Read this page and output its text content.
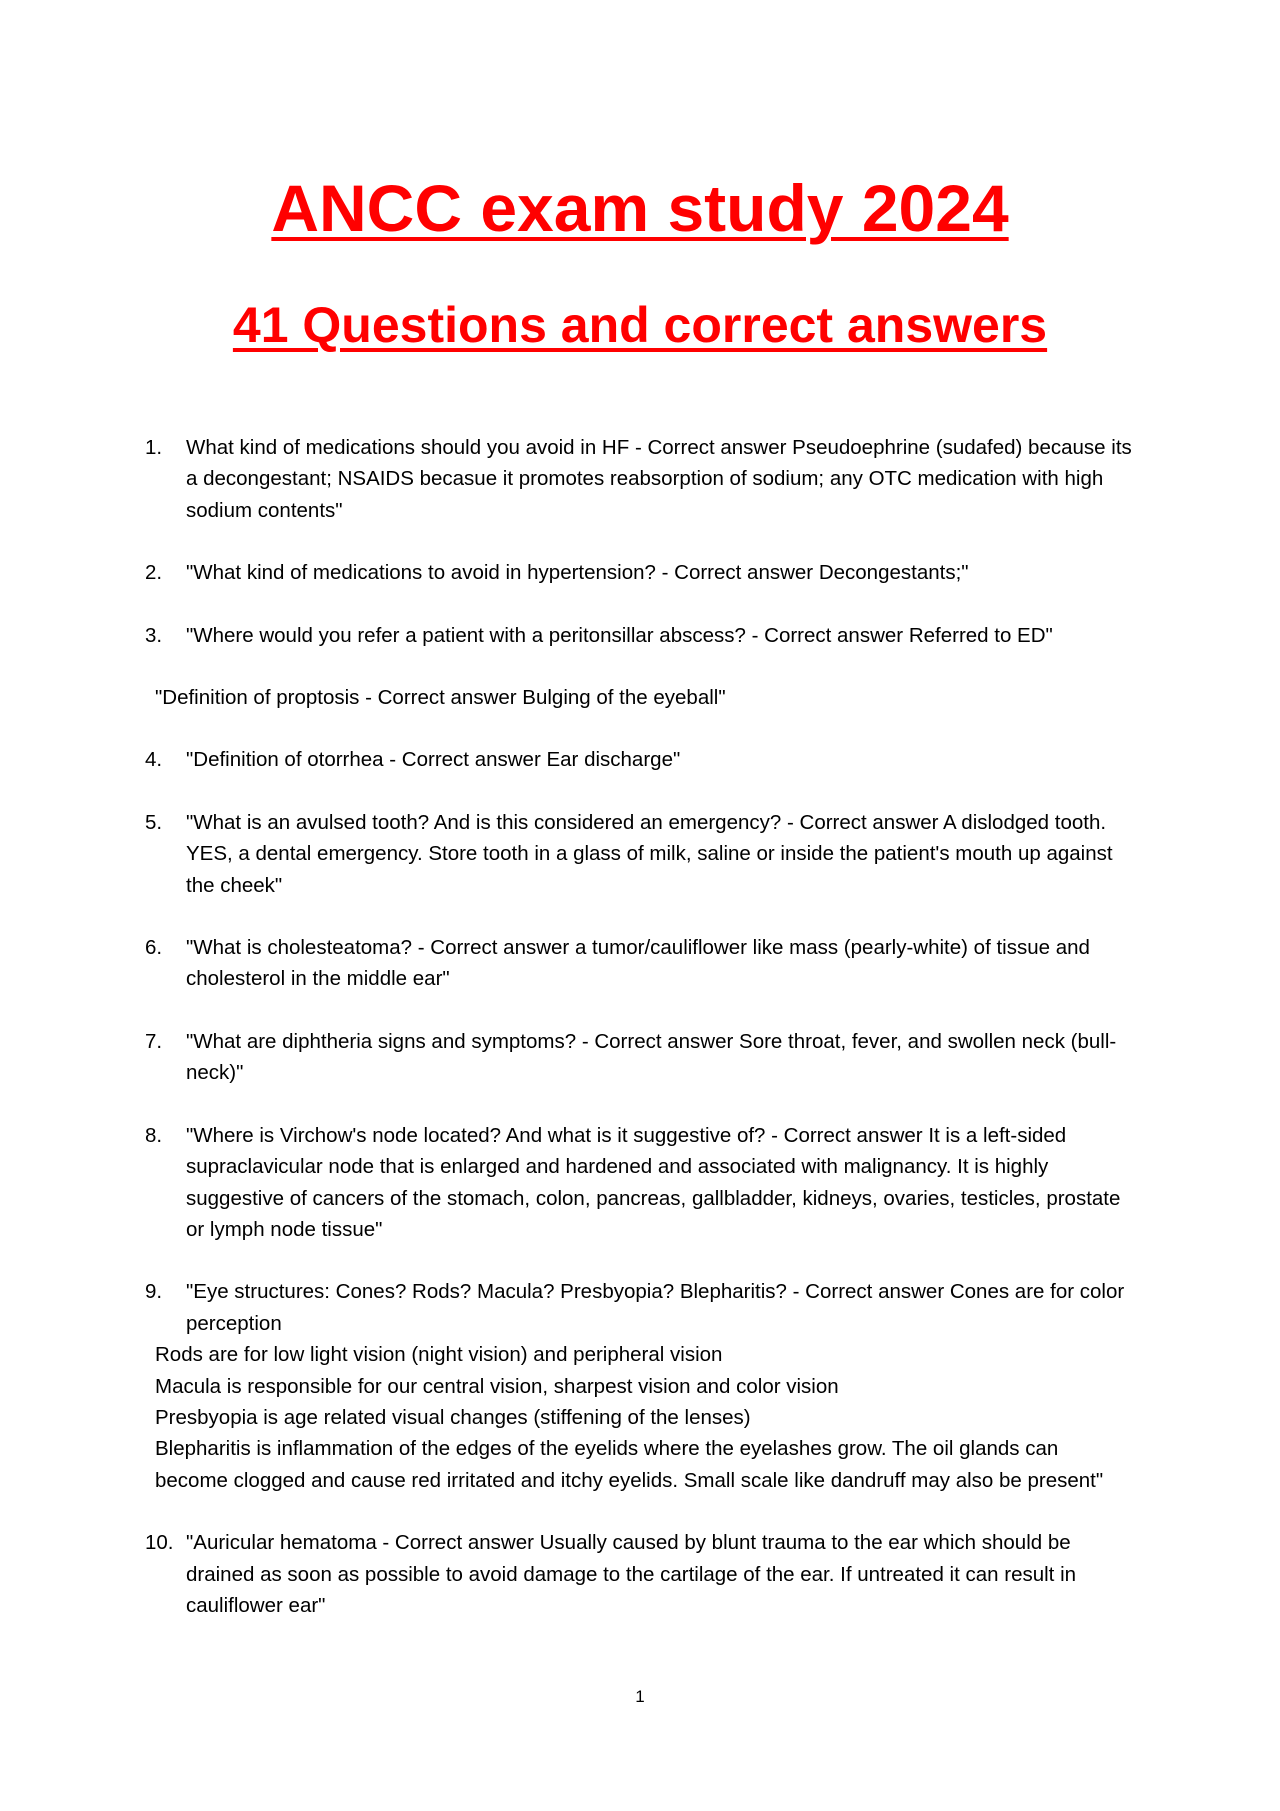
ANCC exam study 2024
41 Questions and correct answers
1.	What kind of medications should you avoid in HF - Correct answer Pseudoephrine (sudafed) because its a decongestant; NSAIDS becasue it promotes reabsorption of sodium; any OTC medication with high sodium contents"
2.	"What kind of medications to avoid in hypertension? - Correct answer Decongestants;"
3.	"Where would you refer a patient with a peritonsillar abscess? - Correct answer Referred to ED"
"Definition of proptosis - Correct answer Bulging of the eyeball"
4.	"Definition of otorrhea - Correct answer Ear discharge"
5.	"What is an avulsed tooth? And is this considered an emergency? - Correct answer A dislodged tooth. YES, a dental emergency. Store tooth in a glass of milk, saline or inside the patient's mouth up against the cheek"
6.	"What is cholesteatoma? - Correct answer a tumor/cauliflower like mass (pearly-white) of tissue and cholesterol in the middle ear"
7.	"What are diphtheria signs and symptoms? - Correct answer Sore throat, fever, and swollen neck (bull-neck)"
8.	"Where is Virchow's node located? And what is it suggestive of? - Correct answer It is a left-sided supraclavicular node that is enlarged and hardened and associated with malignancy. It is highly suggestive of cancers of the stomach, colon, pancreas, gallbladder, kidneys, ovaries, testicles, prostate or lymph node tissue"
9.	"Eye structures: Cones? Rods? Macula? Presbyopia? Blepharitis? - Correct answer Cones are for color perception
Rods are for low light vision (night vision) and peripheral vision
Macula is responsible for our central vision, sharpest vision and color vision
Presbyopia is age related visual changes (stiffening of the lenses)
Blepharitis is inflammation of the edges of the eyelids where the eyelashes grow. The oil glands can become clogged and cause red irritated and itchy eyelids. Small scale like dandruff may also be present"
10. "Auricular hematoma - Correct answer Usually caused by blunt trauma to the ear which should be drained as soon as possible to avoid damage to the cartilage of the ear. If untreated it can result in cauliflower ear"
1
